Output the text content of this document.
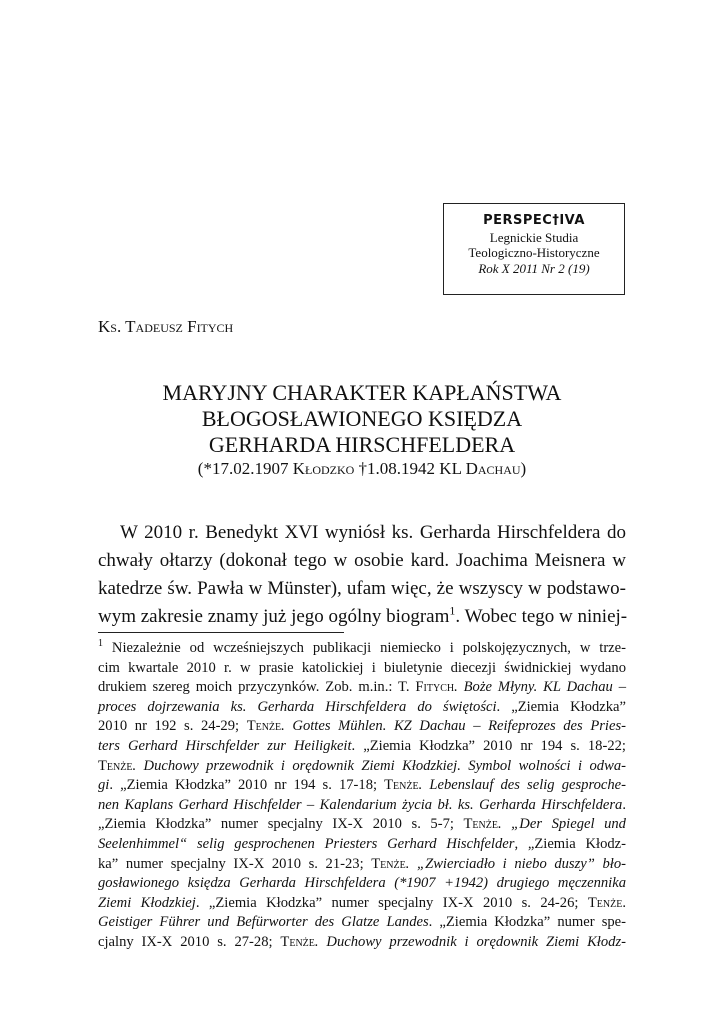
PERSPEC†IVA
Legnickie Studia
Teologiczno-Historyczne
Rok X 2011 Nr 2 (19)
Ks. Tadeusz Fitych
MARYJNY CHARAKTER KAPŁAŃSTWA
BŁOGOSŁAWIONEGO KSIĘDZA
GERHARDA HIRSCHFELDERA
(*17.02.1907 Kłodzko †1.08.1942 KL Dachau)
W 2010 r. Benedykt XVI wyniósł ks. Gerharda Hirschfeldera do
chwały ołtarzy (dokonał tego w osobie kard. Joachima Meisnera w
katedrze św. Pawła w Münster), ufam więc, że wszyscy w podstawo-
wym zakresie znamy już jego ogólny biogram$^1$. Wobec tego w niniej-
$^1$ Niezależnie od wcześniejszych publikacji niemiecko i polskojęzycznych, w trze-
cim kwartale 2010 r. w prasie katolickiej i biuletynie diecezji świdnickiej wydano
drukiem szereg moich przyczynków. Zob. m.in.: T. Fitych. Boże Młyny. KL Dachau –
proces dojrzewania ks. Gerharda Hirschfeldera do świętości. „Ziemia Kłodzka”
2010 nr 192 s. 24-29; Tenże. Gottes Mühlen. KZ Dachau – Reifeprozes des Pries-
ters Gerhard Hirschfelder zur Heiligkeit. „Ziemia Kłodzka” 2010 nr 194 s. 18-22;
Tenże. Duchowy przewodnik i orędownik Ziemi Kłodzkiej. Symbol wolności i odwa-
gi. „Ziemia Kłodzka” 2010 nr 194 s. 17-18; Tenże. Lebenslauf des selig gesproche-
nen Kaplans Gerhard Hischfelder – Kalendarium życia bł. ks. Gerharda Hirschfeldera.
„Ziemia Kłodzka” numer specjalny IX-X 2010 s. 5-7; Tenże. „Der Spiegel und
Seelenhimmel“ selig gesprochenen Priesters Gerhard Hischfelder, „Ziemia Kłodz-
ka” numer specjalny IX-X 2010 s. 21-23; Tenże. „Zwierciadło i niebo duszy” bło-
gosławionego księdza Gerharda Hirschfeldera (*1907 +1942) drugiego męczennika
Ziemi Kłodzkiej. „Ziemia Kłodzka” numer specjalny IX-X 2010 s. 24-26; Tenże.
Geistiger Führer und Befürworter des Glatze Landes. „Ziemia Kłodzka” numer spe-
cjalny IX-X 2010 s. 27-28; Tenże. Duchowy przewodnik i orędownik Ziemi Kłodz-
